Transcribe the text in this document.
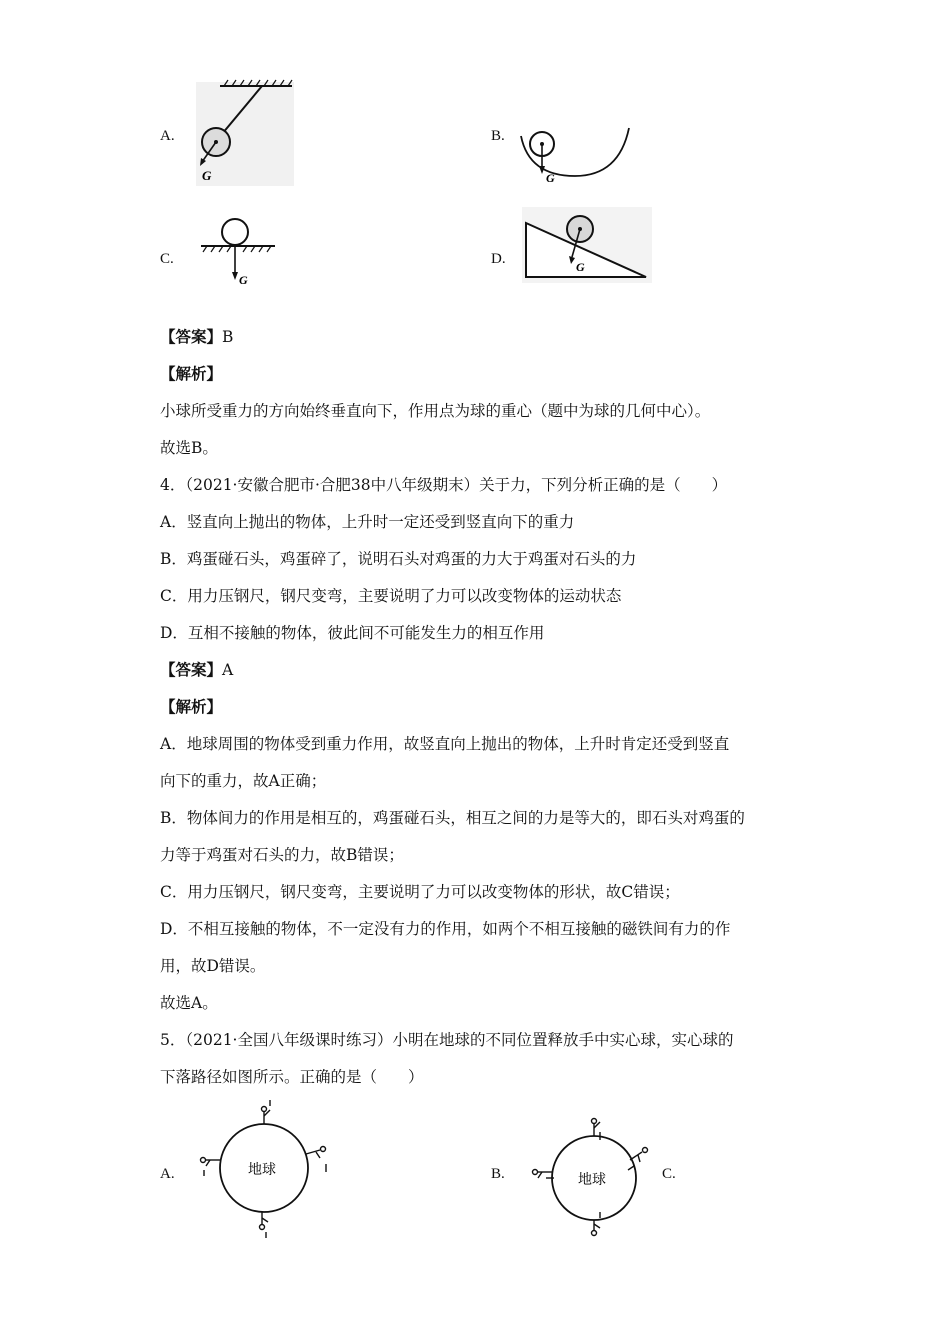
A.
G
B.
G
C.
G
D.	G
【答案】B
【解析】
小球所受重力的方向始终垂直向下，作用点为球的重心（题中为球的几何中心）。
故选B。
4．（2021·安徽合肥市·合肥38中八年级期末）关于力，下列分析正确的是（　　）
A．竖直向上抛出的物体，上升时一定还受到竖直向下的重力
B．鸡蛋碰石头，鸡蛋碎了，说明石头对鸡蛋的力大于鸡蛋对石头的力
C．用力压钢尺，钢尺变弯，主要说明了力可以改变物体的运动状态
D．互相不接触的物体，彼此间不可能发生力的相互作用
【答案】A
【解析】
A．地球周围的物体受到重力作用，故竖直向上抛出的物体，上升时肯定还受到竖直
向下的重力，故A正确；
B．物体间力的作用是相互的，鸡蛋碰石头，相互之间的力是等大的，即石头对鸡蛋的
力等于鸡蛋对石头的力，故B错误；
C．用力压钢尺，钢尺变弯，主要说明了力可以改变物体的形状，故C错误；
D．不相互接触的物体，不一定没有力的作用，如两个不相互接触的磁铁间有力的作
用，故D错误。
故选A。
5．（2021·全国八年级课时练习）小明在地球的不同位置释放手中实心球，实心球的
下落路径如图所示。正确的是（　　）
A.	地球	B.	地球	C.
